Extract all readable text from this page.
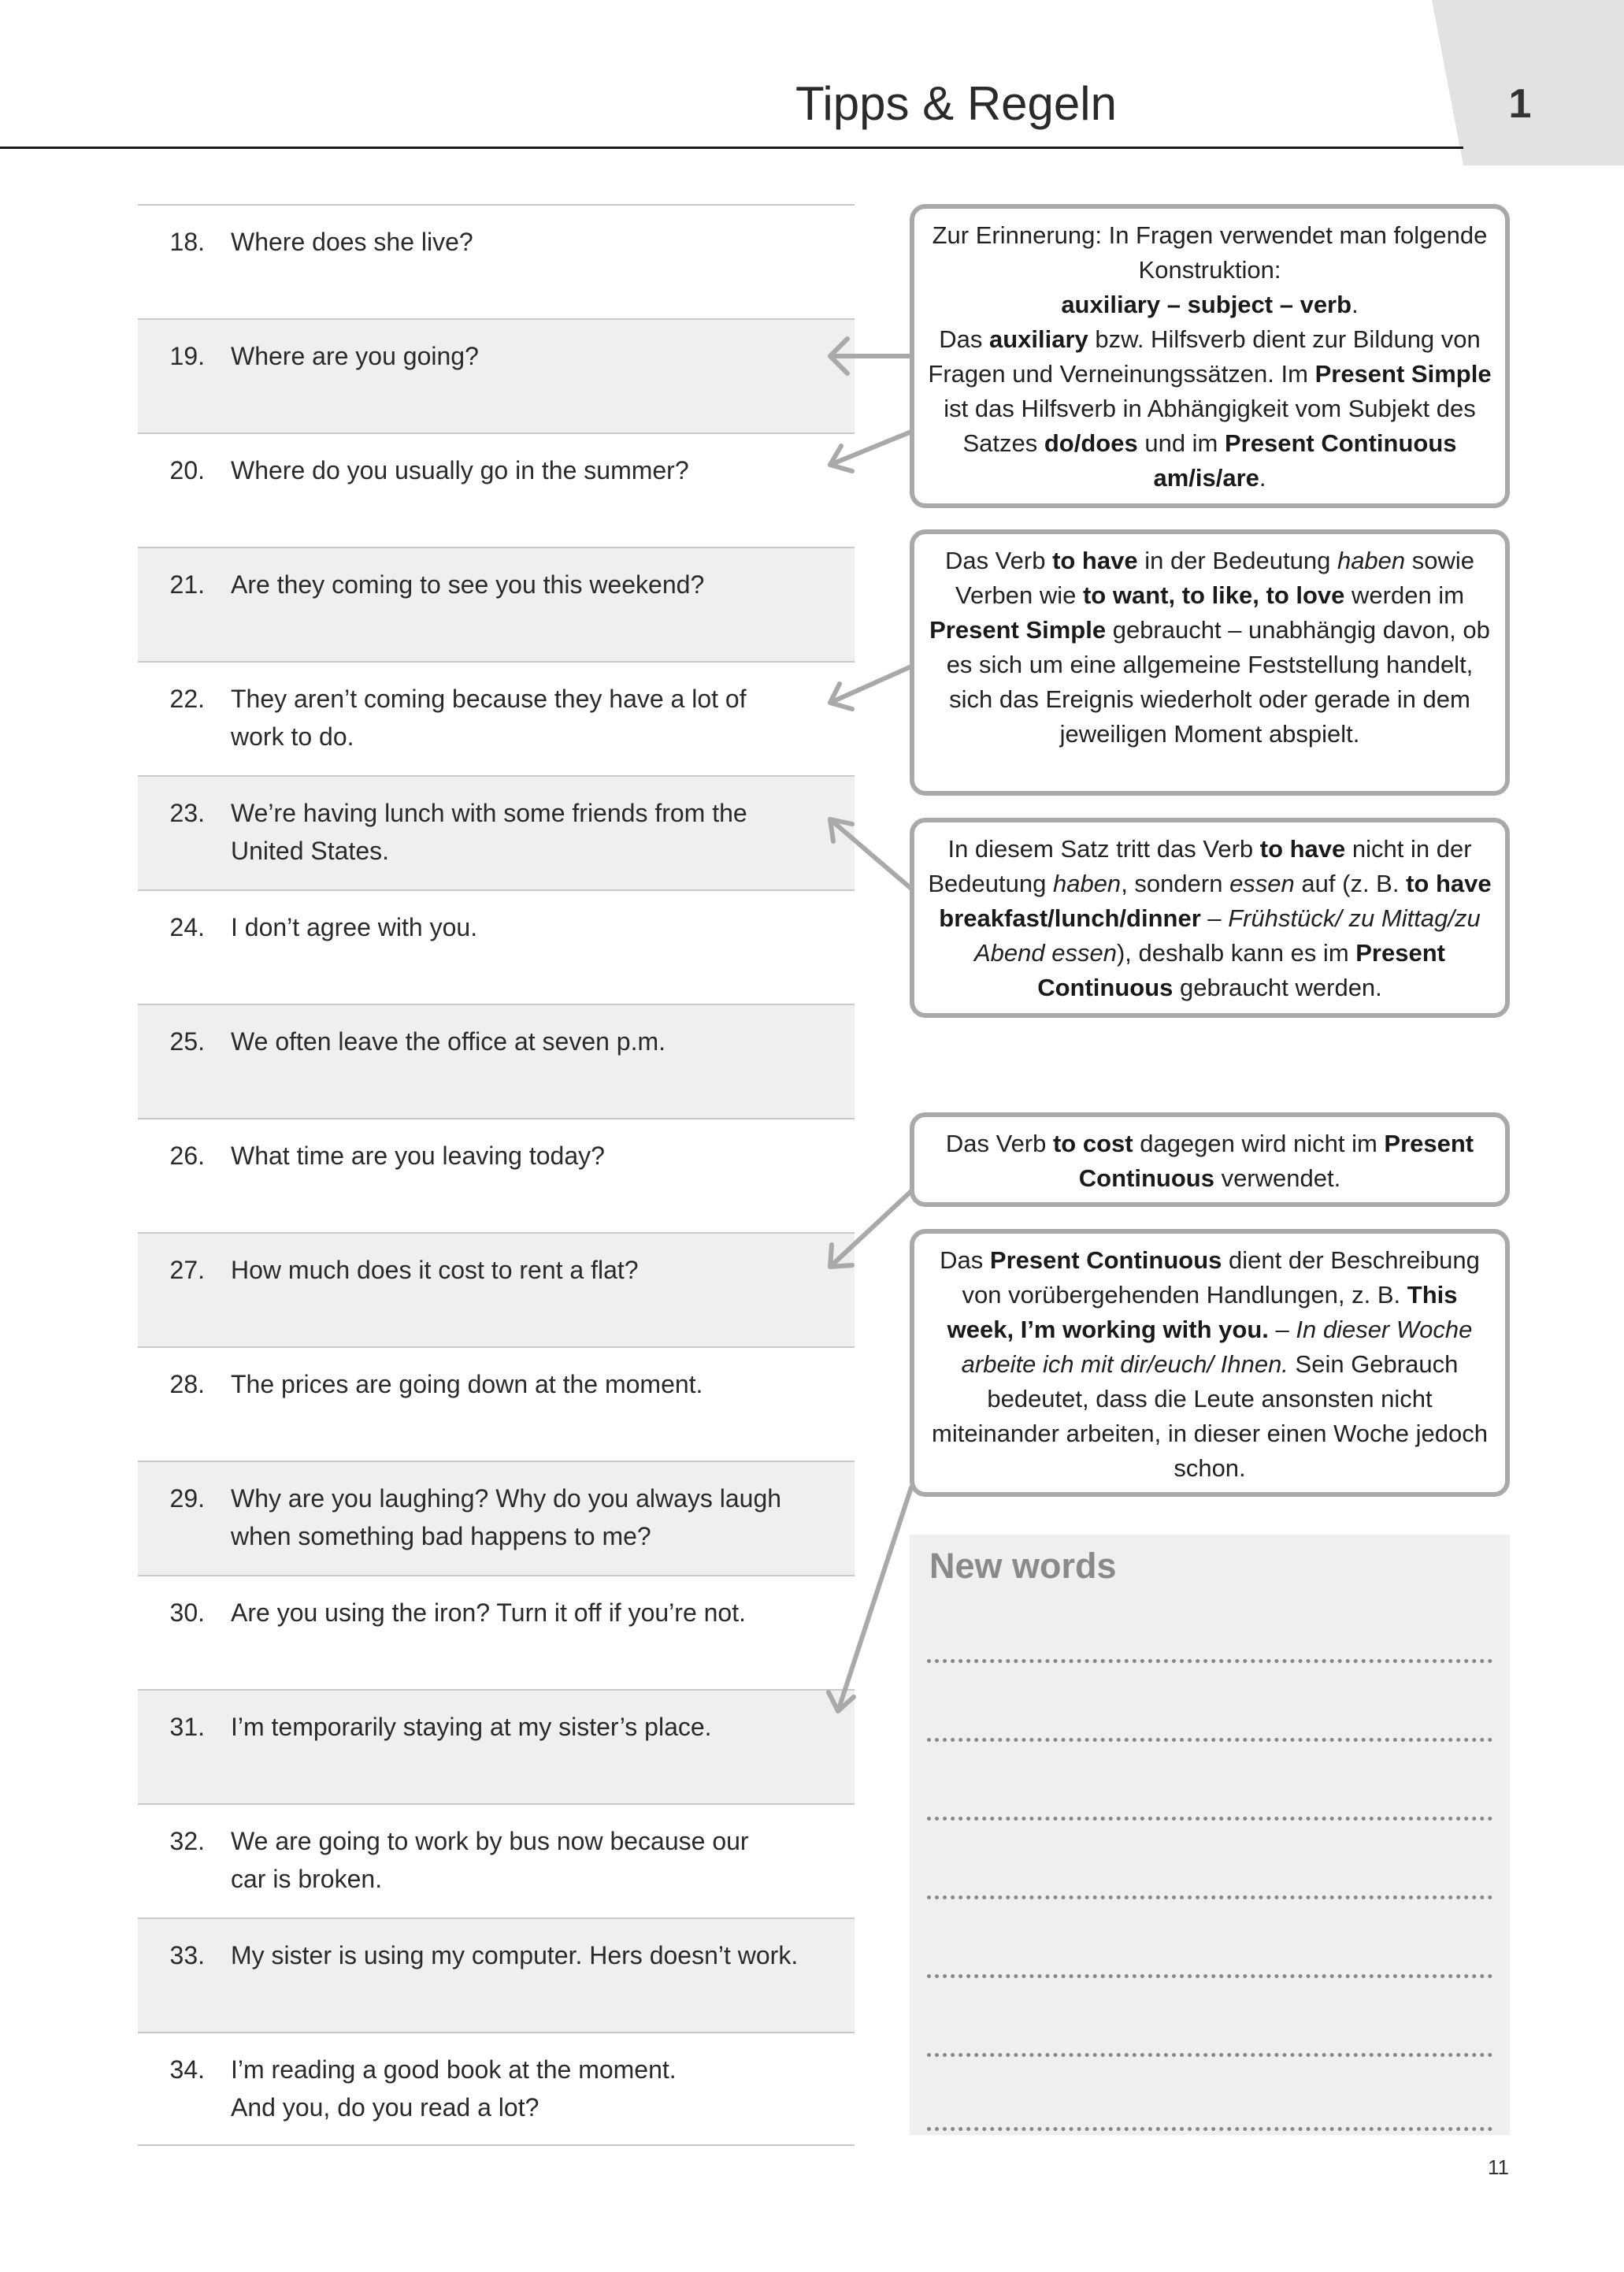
Tipps & Regeln	1
18. Where does she live?
19. Where are you going?
20. Where do you usually go in the summer?
21. Are they coming to see you this weekend?
22. They aren’t coming because they have a lot of
work to do.
23. We’re having lunch with some friends from the
United States.
24. I don’t agree with you.
25. We often leave the office at seven p.m.
26. What time are you leaving today?
27. How much does it cost to rent a flat?
28. The prices are going down at the moment.
29. Why are you laughing? Why do you always laugh
when something bad happens to me?
30. Are you using the iron? Turn it off if you’re not.
31. I’m temporarily staying at my sister’s place.
32. We are going to work by bus now because our
car is broken.
33. My sister is using my computer. Hers doesn’t work.
34. I’m reading a good book at the moment.
And you, do you read a lot?
Zur Erinnerung: In Fragen verwendet man folgende Konstruktion:
auxiliary – subject – verb.
Das auxiliary bzw. Hilfsverb dient zur Bildung von Fragen und Verneinungssätzen. Im Present Simple ist das Hilfsverb in Abhängigkeit vom Subjekt des Satzes do/does und im Present Continuous am/is/are.
Das Verb to have in der Bedeutung haben sowie Verben wie to want, to like, to love werden im Present Simple gebraucht – unabhängig davon, ob es sich um eine allgemeine Feststellung handelt, sich das Ereignis wiederholt oder gerade in dem jeweiligen Moment abspielt.
In diesem Satz tritt das Verb to have nicht in der Bedeutung haben, sondern essen auf (z. B. to have breakfast/lunch/dinner – Frühstück/ zu Mittag/zu Abend essen), deshalb kann es im Present Continuous gebraucht werden.
Das Verb to cost dagegen wird nicht im Present Continuous verwendet.
Das Present Continuous dient der Beschreibung von vorübergehenden Handlungen, z. B. This week, I’m working with you. – In dieser Woche arbeite ich mit dir/euch/ Ihnen. Sein Gebrauch bedeutet, dass die Leute ansonsten nicht miteinander arbeiten, in dieser einen Woche jedoch schon.
New words
11
